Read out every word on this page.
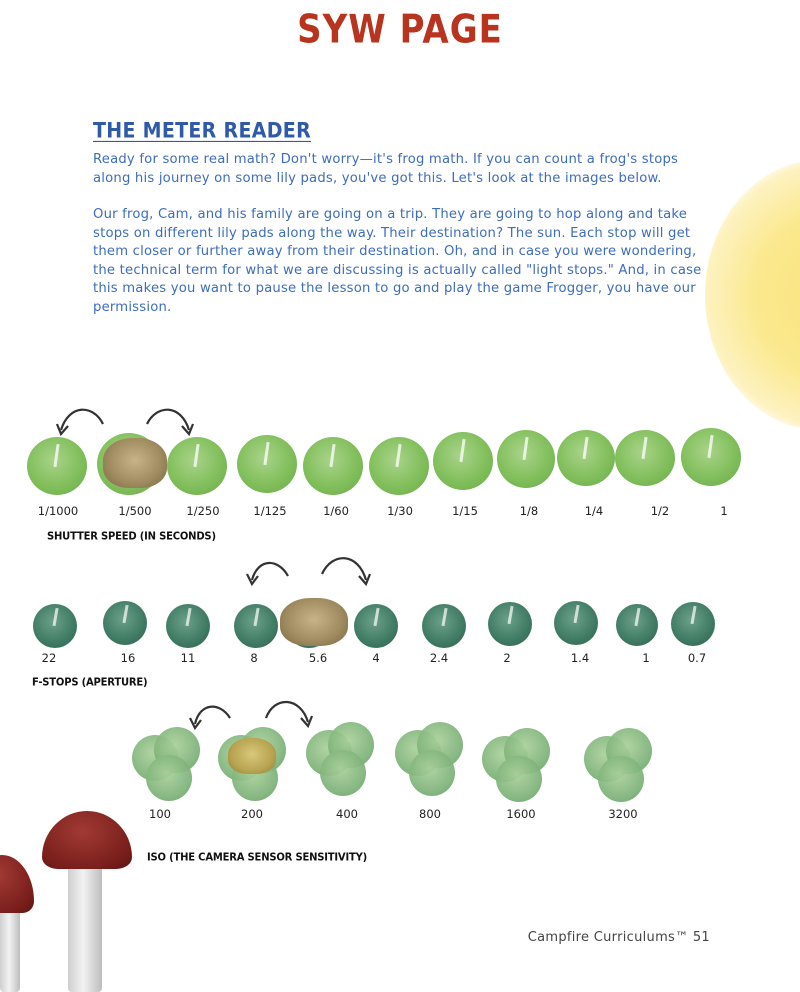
SYW PAGE
THE METER READER

Ready for some real math? Don't worry—it's frog math. If you can count a frog's stops along his journey on some lily pads, you've got this. Let's look at the images below.

Our frog, Cam, and his family are going on a trip. They are going to hop along and take stops on different lily pads along the way. Their destination? The sun. Each stop will get them closer or further away from their destination. Oh, and in case you were wondering, the technical term for what we are discussing is actually called "light stops." And, in case this makes you want to pause the lesson to go and play the game Frogger, you have our permission.

1/1000	1/500	1/250	1/125	1/60	1/30	1/15	1/8	1/4	1/2	1
SHUTTER SPEED (IN SECONDS)
22	16	11	8	5.6	4	2.4	2	1.4	1	0.7
F-STOPS (APERTURE)
100	200	400	800	1600	3200
ISO (THE CAMERA SENSOR SENSITIVITY)
Campfire Curriculums™ 51
